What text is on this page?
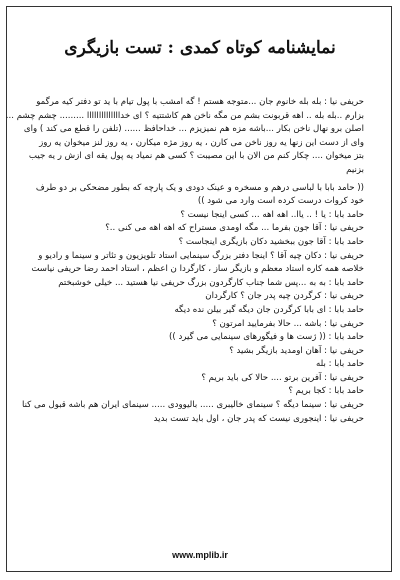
نمایشنامه کوتاه کمدی : تست بازیگری

حریفی نیا : بله بله خانوم جان ...متوجه هستم ! گه امشب با پول تیام با ید تو دفتر کیه مرگمو

بزارم ..بله بله .. اهه قربونت بشم من مگه ناخن هم کاشتتیه ؟ ای خداااااااااااااا ......... چشم چشم ...

اصلن برو نهال ناخن بکار ...باشه مزه هم نمیزیزم ... خداحافظ ...... (تلفن را قطع می کند ) وای

وای از دست این زنها یه روز ناخن می کارن ، یه روز مژه میکارن ، یه روز لنز میخوان یه روز

بتز میخوان .... چکار کنم من الان با این مصیبت ؟ کسی هم نمیاد یه پول یقه ای ازش ر یه جیب

بزنیم

(( حامد بابا با لباسی درهم و مسخره و عینک دودی و یک پارچه که بطور مضحکی بر دو طرف

خود کروات درست کرده است وارد می شود ))

حامد بابا : یا ! .. یاا.. اهه اهه ... کسی اینجا نیست ؟

حریفی نیا : آقا جون بفرما ... مگه اومدی مستراح که اهه اهه می کنی ..؟

حامد بابا : آقا جون ببخشید دکان بازیگری اینجاست ؟

حریفی نیا : دکان چیه آقا ؟ اینجا دفتر بزرگ سینمایی استاد تلویزیون و تئاتر و سینما و رادیو و

خلاصه همه کاره استاد معظم و بازیگر ساز ، کارگردا ن اعظم ، استاد احمد رضا حریفی نیاست

حامد بابا : به به ...پس شما جناب کارگردون بزرگ حریفی نیا هستید ... خیلی خوشبختم

حریفی نیا : کرگردن چیه پدر جان ؟ کارگردان

حامد بابا : ای بابا کرگردن جان دیگه گیر بیلن نده دیگه

حریفی نیا : باشه ... حالا بفرمایید امرتون ؟

حامد بابا : (( ژست ها و فیگورهای سینمایی می گیرد ))

حریفی نیا : آهان اومدید بازیگر بشید ؟

حامد بابا : بله

حریفی نیا : آفرین برتو .... حالا کی باید بریم ؟

حامد بابا : کجا بریم ؟

حریفی نیا : سینما دیگه ؟ سینمای خالیبری ..... بالیوودی ..... سینمای ایران هم باشه قبول می کنا

حریفی نیا : اینجوری نیست که پدر جان ، اول باید تست بدید

www.mplib.ir
